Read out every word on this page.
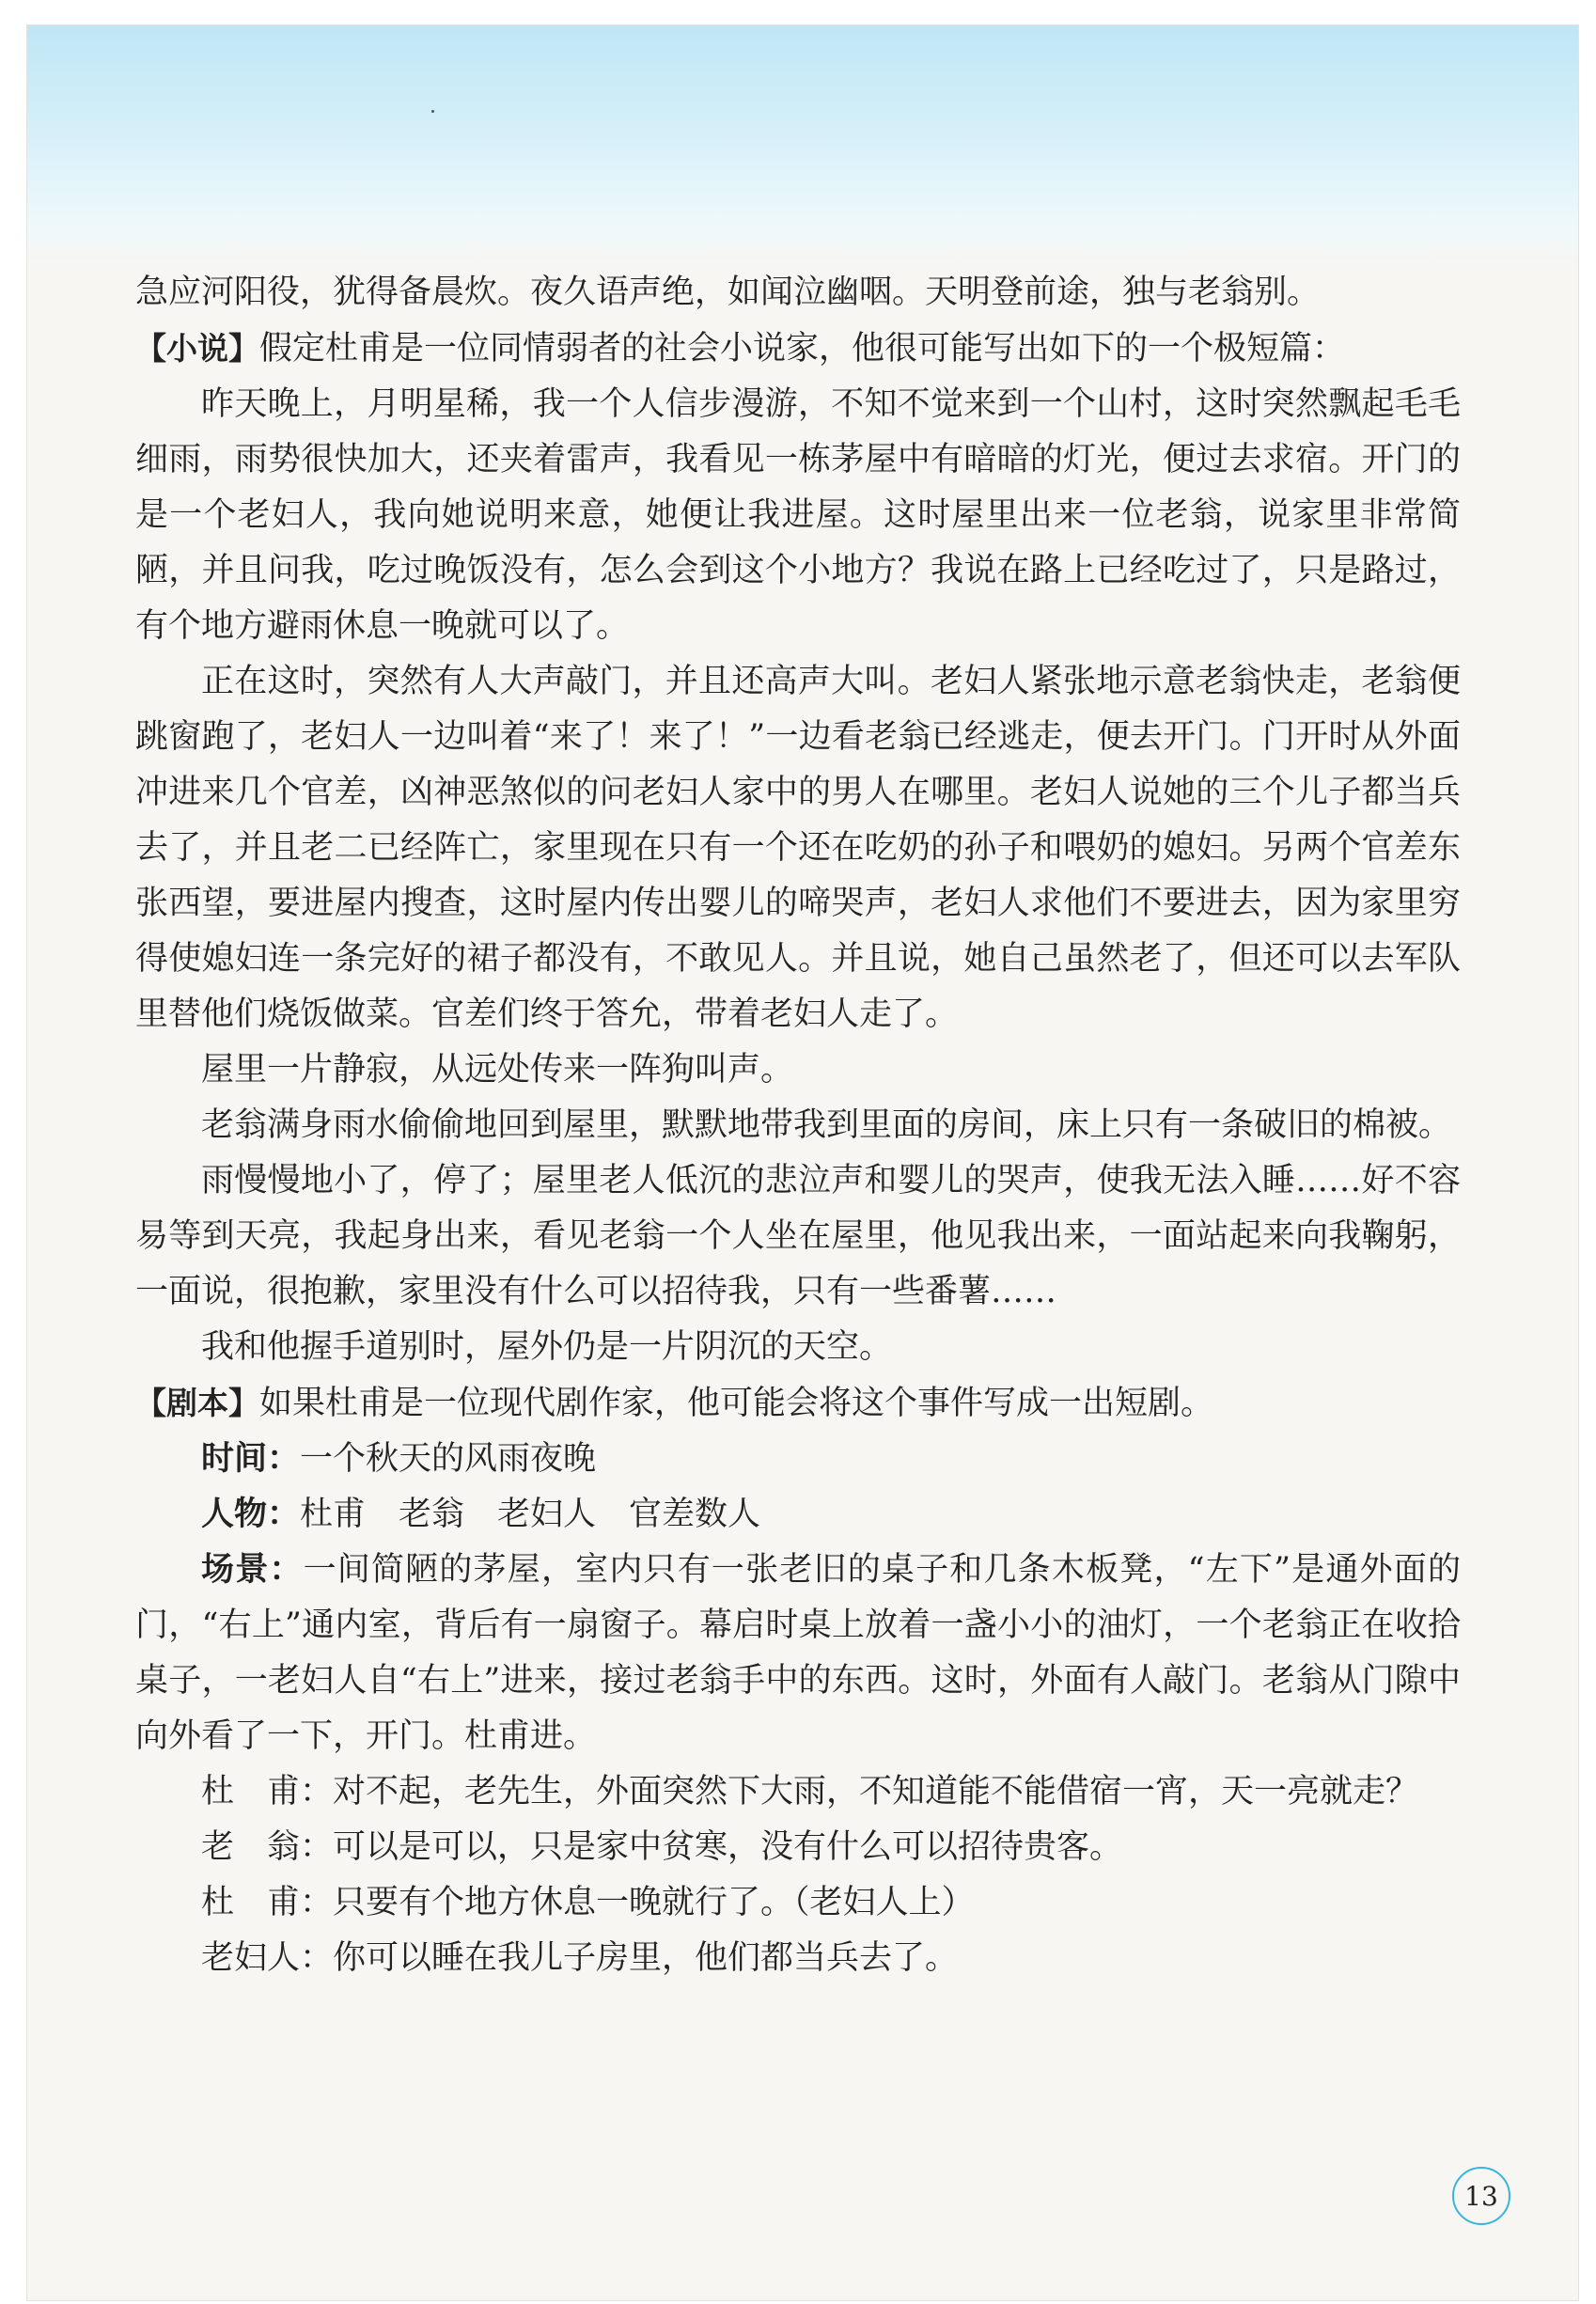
急应河阳役，犹得备晨炊。夜久语声绝，如闻泣幽咽。天明登前途，独与老翁别。

【小说】假定杜甫是一位同情弱者的社会小说家，他很可能写出如下的一个极短篇：

昨天晚上，月明星稀，我一个人信步漫游，不知不觉来到一个山村，这时突然飘起毛毛细雨，雨势很快加大，还夹着雷声，我看见一栋茅屋中有暗暗的灯光，便过去求宿。开门的是一个老妇人，我向她说明来意，她便让我进屋。这时屋里出来一位老翁，说家里非常简陋，并且问我，吃过晚饭没有，怎么会到这个小地方？我说在路上已经吃过了，只是路过，有个地方避雨休息一晚就可以了。

正在这时，突然有人大声敲门，并且还高声大叫。老妇人紧张地示意老翁快走，老翁便跳窗跑了，老妇人一边叫着“来了！来了！”一边看老翁已经逃走，便去开门。门开时从外面冲进来几个官差，凶神恶煞似的问老妇人家中的男人在哪里。老妇人说她的三个儿子都当兵去了，并且老二已经阵亡，家里现在只有一个还在吃奶的孙子和喂奶的媳妇。另两个官差东张西望，要进屋内搜查，这时屋内传出婴儿的啼哭声，老妇人求他们不要进去，因为家里穷得使媳妇连一条完好的裙子都没有，不敢见人。并且说，她自己虽然老了，但还可以去军队里替他们烧饭做菜。官差们终于答允，带着老妇人走了。

屋里一片静寂，从远处传来一阵狗叫声。

老翁满身雨水偷偷地回到屋里，默默地带我到里面的房间，床上只有一条破旧的棉被。

雨慢慢地小了，停了；屋里老人低沉的悲泣声和婴儿的哭声，使我无法入睡……好不容易等到天亮，我起身出来，看见老翁一个人坐在屋里，他见我出来，一面站起来向我鞠躬，一面说，很抱歉，家里没有什么可以招待我，只有一些番薯……

我和他握手道别时，屋外仍是一片阴沉的天空。

【剧本】如果杜甫是一位现代剧作家，他可能会将这个事件写成一出短剧。

时间：一个秋天的风雨夜晚

人物：杜甫　老翁　老妇人　官差数人

场景：一间简陋的茅屋，室内只有一张老旧的桌子和几条木板凳，“左下”是通外面的门，“右上”通内室，背后有一扇窗子。幕启时桌上放着一盏小小的油灯，一个老翁正在收拾桌子，一老妇人自“右上”进来，接过老翁手中的东西。这时，外面有人敲门。老翁从门隙中向外看了一下，开门。杜甫进。

杜　甫：对不起，老先生，外面突然下大雨，不知道能不能借宿一宵，天一亮就走？

老　翁：可以是可以，只是家中贫寒，没有什么可以招待贵客。

杜　甫：只要有个地方休息一晚就行了。（老妇人上）

老妇人：你可以睡在我儿子房里，他们都当兵去了。

13
